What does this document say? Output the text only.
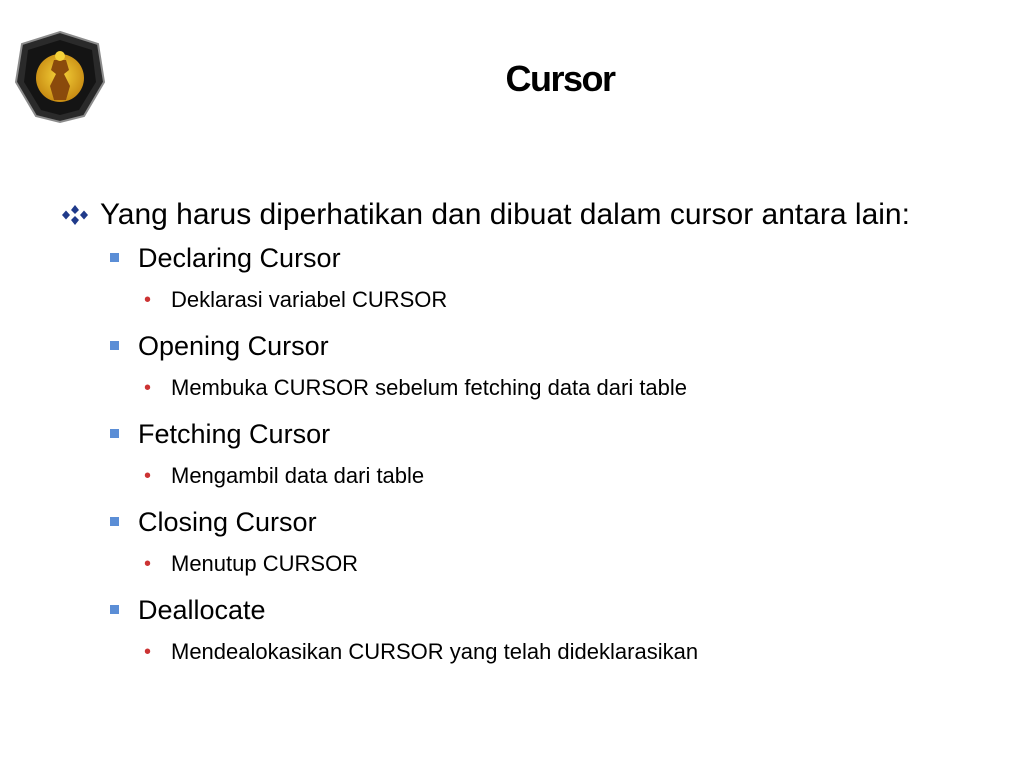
Cursor
Yang harus diperhatikan dan dibuat dalam cursor antara lain:
Declaring Cursor
• Deklarasi variabel CURSOR
Opening Cursor
• Membuka CURSOR sebelum fetching data dari table
Fetching Cursor
• Mengambil data dari table
Closing Cursor
• Menutup CURSOR
Deallocate
• Mendealokasikan CURSOR yang telah dideklarasikan
